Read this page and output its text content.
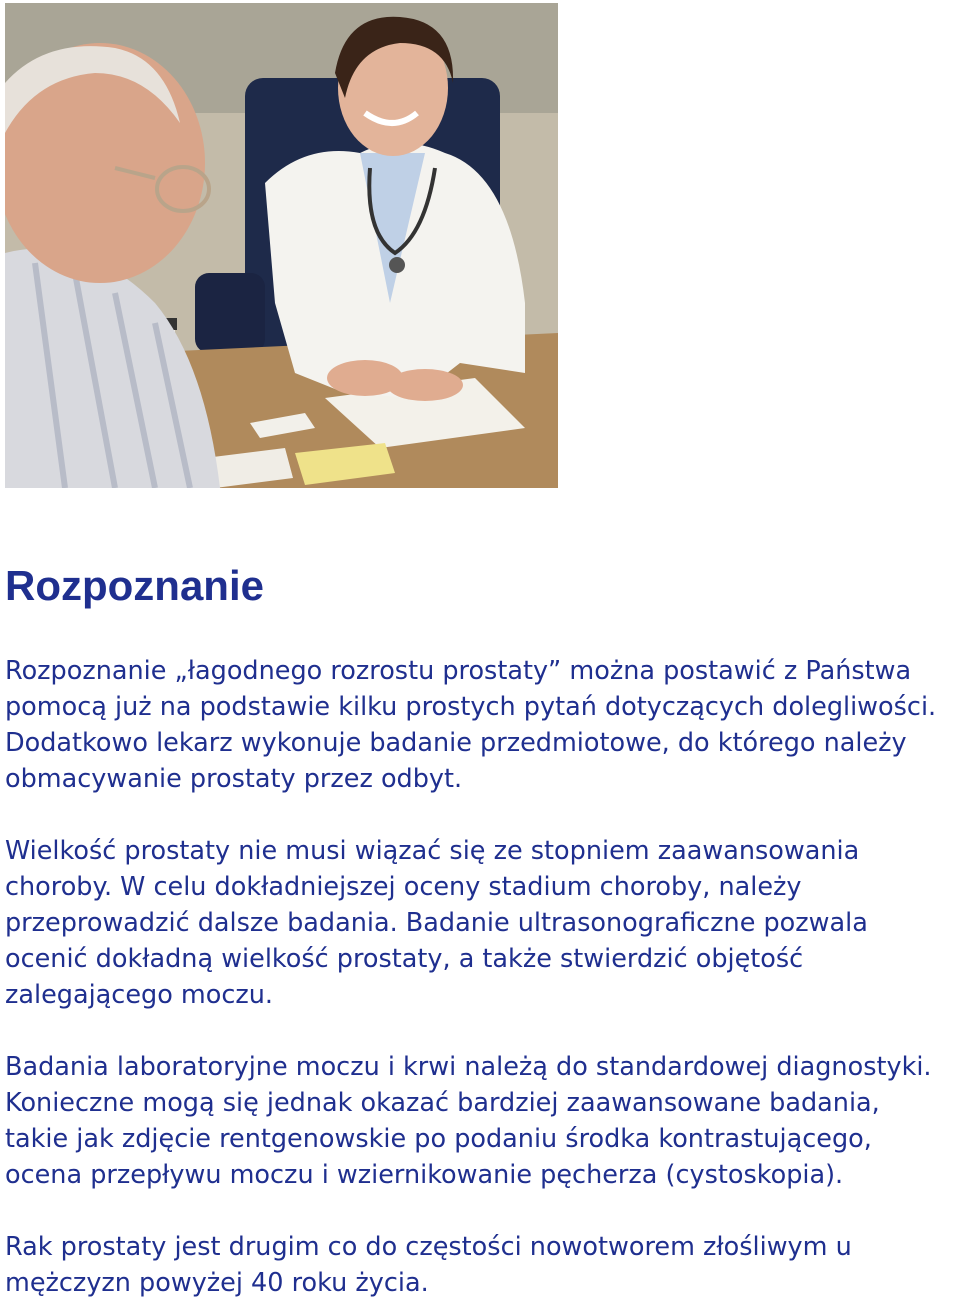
Rozpoznanie

Rozpoznanie „łagodnego rozrostu prostaty” można postawić z Państwa
pomocą już na podstawie kilku prostych pytań dotyczących dolegliwości.
Dodatkowo lekarz wykonuje badanie przedmiotowe, do którego należy
obmacywanie prostaty przez odbyt.

Wielkość prostaty nie musi wiązać się ze stopniem zaawansowania
choroby. W celu dokładniejszej oceny stadium choroby, należy
przeprowadzić dalsze badania. Badanie ultrasonograficzne pozwala
ocenić dokładną wielkość prostaty, a także stwierdzić objętość
zalegającego moczu.

Badania laboratoryjne moczu i krwi należą do standardowej diagnostyki.
Konieczne mogą się jednak okazać bardziej zaawansowane badania,
takie jak zdjęcie rentgenowskie po podaniu środka kontrastującego,
ocena przepływu moczu i wziernikowanie pęcherza (cystoskopia).

Rak prostaty jest drugim co do częstości nowotworem złośliwym u
mężczyzn powyżej 40 roku życia.
